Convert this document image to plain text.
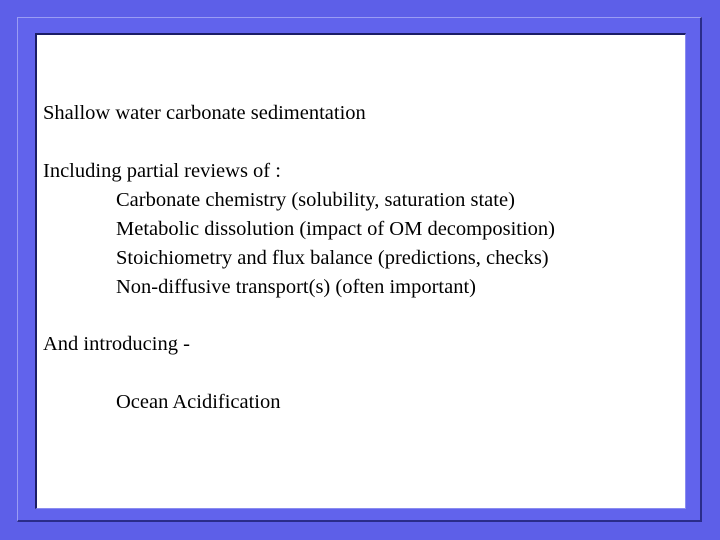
Shallow water carbonate sedimentation
Including partial reviews of :
Carbonate chemistry (solubility, saturation state)
Metabolic dissolution (impact of OM decomposition)
Stoichiometry and flux balance (predictions, checks)
Non-diffusive transport(s) (often important)
And introducing -
Ocean Acidification
